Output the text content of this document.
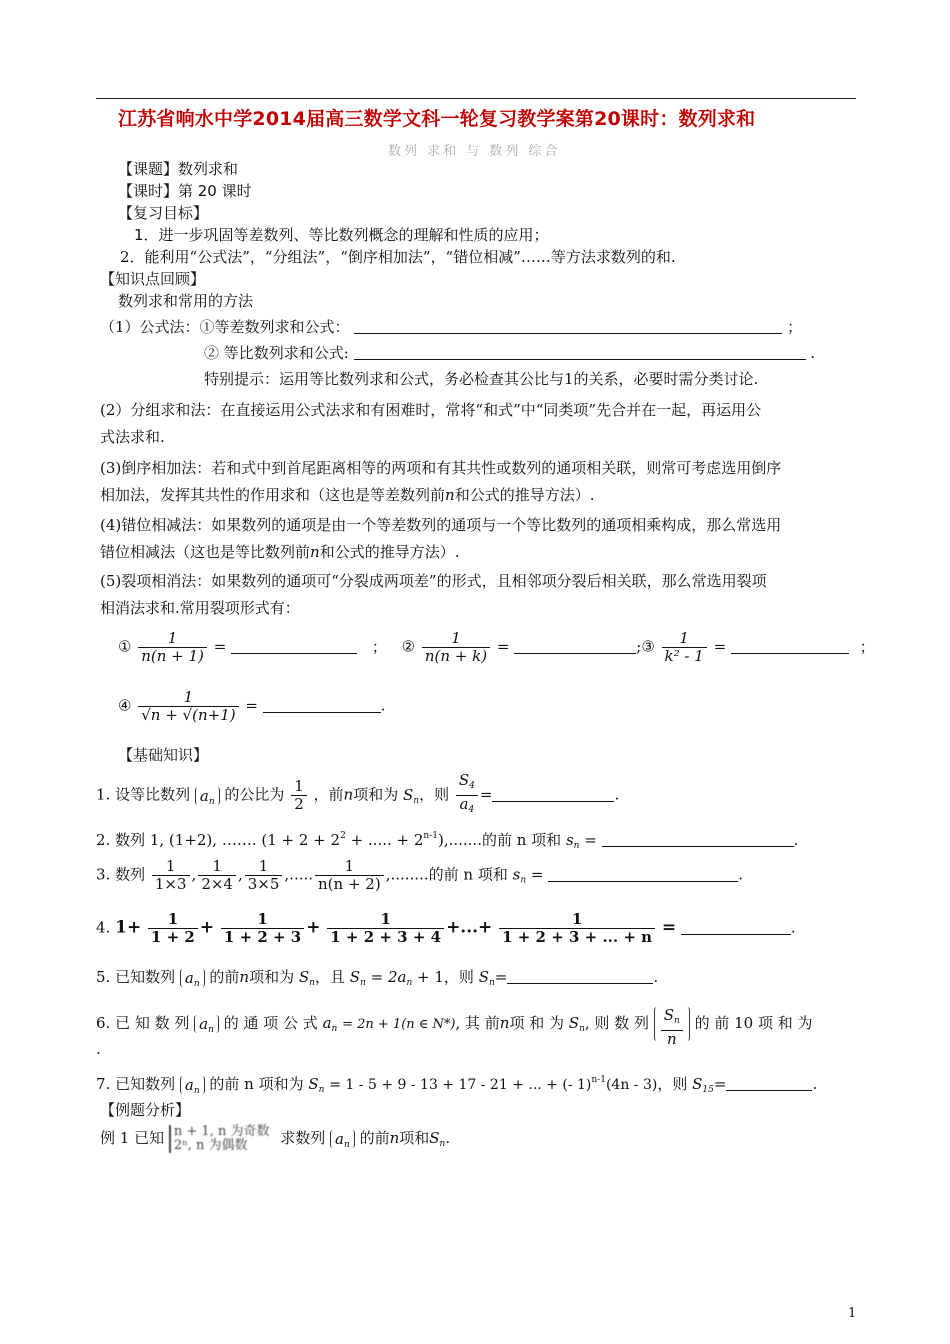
江苏省响水中学2014届高三数学文科一轮复习教学案第20课时：数列求和
数列 求和 与 数列 综合
【课题】数列求和
【课时】第 20 课时
【复习目标】
1．进一步巩固等差数列、等比数列概念的理解和性质的应用；
2．能利用“公式法”，“分组法”，“倒序相加法”，“错位相减”……等方法求数列的和.
【知识点回顾】
数列求和常用的方法
（1）公式法：①等差数列求和公式：	；
② 等比数列求和公式:	.
特别提示：运用等比数列求和公式，务必检查其公比与1的关系，必要时需分类讨论.
(2）分组求和法：在直接运用公式法求和有困难时，常将“和式”中“同类项”先合并在一起，再运用公
式法求和.
(3)倒序相加法：若和式中到首尾距离相等的两项和有其共性或数列的通项相关联，则常可考虑选用倒序
相加法，发挥其共性的作用求和（这也是等差数列前n和公式的推导方法）.
(4)错位相减法：如果数列的通项是由一个等差数列的通项与一个等比数列的通项相乘构成，那么常选用
错位相减法（这也是等比数列前n和公式的推导方法）.
(5)裂项相消法：如果数列的通项可“分裂成两项差”的形式，且相邻项分裂后相关联，那么常选用裂项
相消法求和.常用裂项形式有：
① $\frac{1}{n(n + 1)}$ =	； ② $\frac{1}{n(n + k)}$ =	;③ $\frac{1}{\text{k² - 1}}$ =	；
④ $\frac{1}{√n + √(n+1)}$ =	.
【基础知识】
1. 设等比数列 $a_n$ 的公比为 $\frac{1}{2}$ ，前n项和为 $S_n$，则 $\frac{S_4}{a_4}$ =	.
2. 数列 1, (1+2), ……. ($1 + 2 + 2^2$ + ..... + $2^{n-1}$),.......的前 n 项和 $s_n$ =	.
3. 数列 $\frac{1}{1\times 3}$ , $\frac{1}{2\times 4}$ , $\frac{1}{3\times 5}$ ,..... $\frac{1}{n(n + 2)}$ ,........的前 n 项和 $s_n$ =	.
4. $1+ \frac{1}{1 + 2} + \frac{1}{1 + 2 + 3} + \frac{1}{1 + 2 + 3 + 4}$ +...+ $\frac{1}{1 + 2 + 3 + ... + n}$ =	.
5. 已知数列 $a_n$ 的前n项和为 $S_n$，且 $S_n = 2a_n + 1$，则 $S_n=$	.
6. 已 知 数 列 $a_n$ 的 通 项 公 式 $a_n = 2n + 1(n$ ∈ N*), 其 前n项 和 为 $S_n$, 则 数 列 $\frac{S_n}{n}$ 的 前 10 项 和 为
.
7. 已知数列 $a_n$ 的前 n 项和为 $S_n = 1 - 5 + 9 - 13 + 17 - 21$ + ... + (- 1)$^{n-1}$(4n - 3)，则 $S_{15}=$	.
【例题分析】
例 1 已知 n + 1, n 为奇数
2ⁿ, n 为偶数	求数列 $a_n$ 的前n项和$S_n$.
1
